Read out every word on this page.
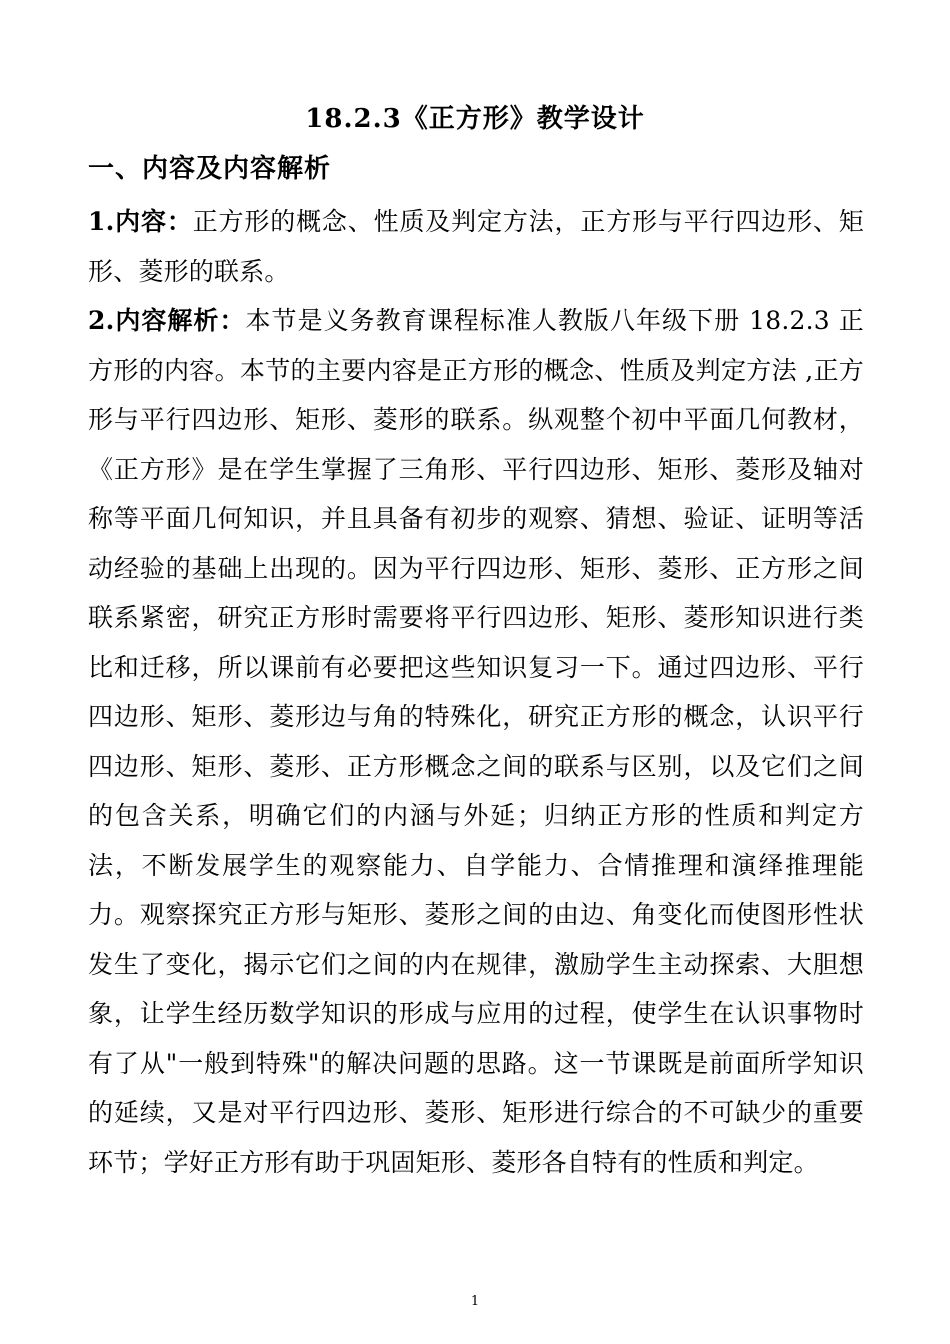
18.2.3《正方形》教学设计
一、内容及内容解析

1.内容：正方形的概念、性质及判定方法，正方形与平行四边形、矩形、菱形的联系。

2.内容解析：本节是义务教育课程标准人教版八年级下册 18.2.3 正方形的内容。本节的主要内容是正方形的概念、性质及判定方法 ,正方形与平行四边形、矩形、菱形的联系。纵观整个初中平面几何教材，《正方形》是在学生掌握了三角形、平行四边形、矩形、菱形及轴对称等平面几何知识，并且具备有初步的观察、猜想、验证、证明等活动经验的基础上出现的。因为平行四边形、矩形、菱形、正方形之间联系紧密，研究正方形时需要将平行四边形、矩形、菱形知识进行类比和迁移，所以课前有必要把这些知识复习一下。通过四边形、平行四边形、矩形、菱形边与角的特殊化，研究正方形的概念，认识平行四边形、矩形、菱形、正方形概念之间的联系与区别，以及它们之间的包含关系，明确它们的内涵与外延；归纳正方形的性质和判定方法，不断发展学生的观察能力、自学能力、合情推理和演绎推理能力。观察探究正方形与矩形、菱形之间的由边、角变化而使图形性状发生了变化，揭示它们之间的内在规律，激励学生主动探索、大胆想象，让学生经历数学知识的形成与应用的过程，使学生在认识事物时有了从"一般到特殊"的解决问题的思路。这一节课既是前面所学知识的延续，又是对平行四边形、菱形、矩形进行综合的不可缺少的重要环节；学好正方形有助于巩固矩形、菱形各自特有的性质和判定。

1
